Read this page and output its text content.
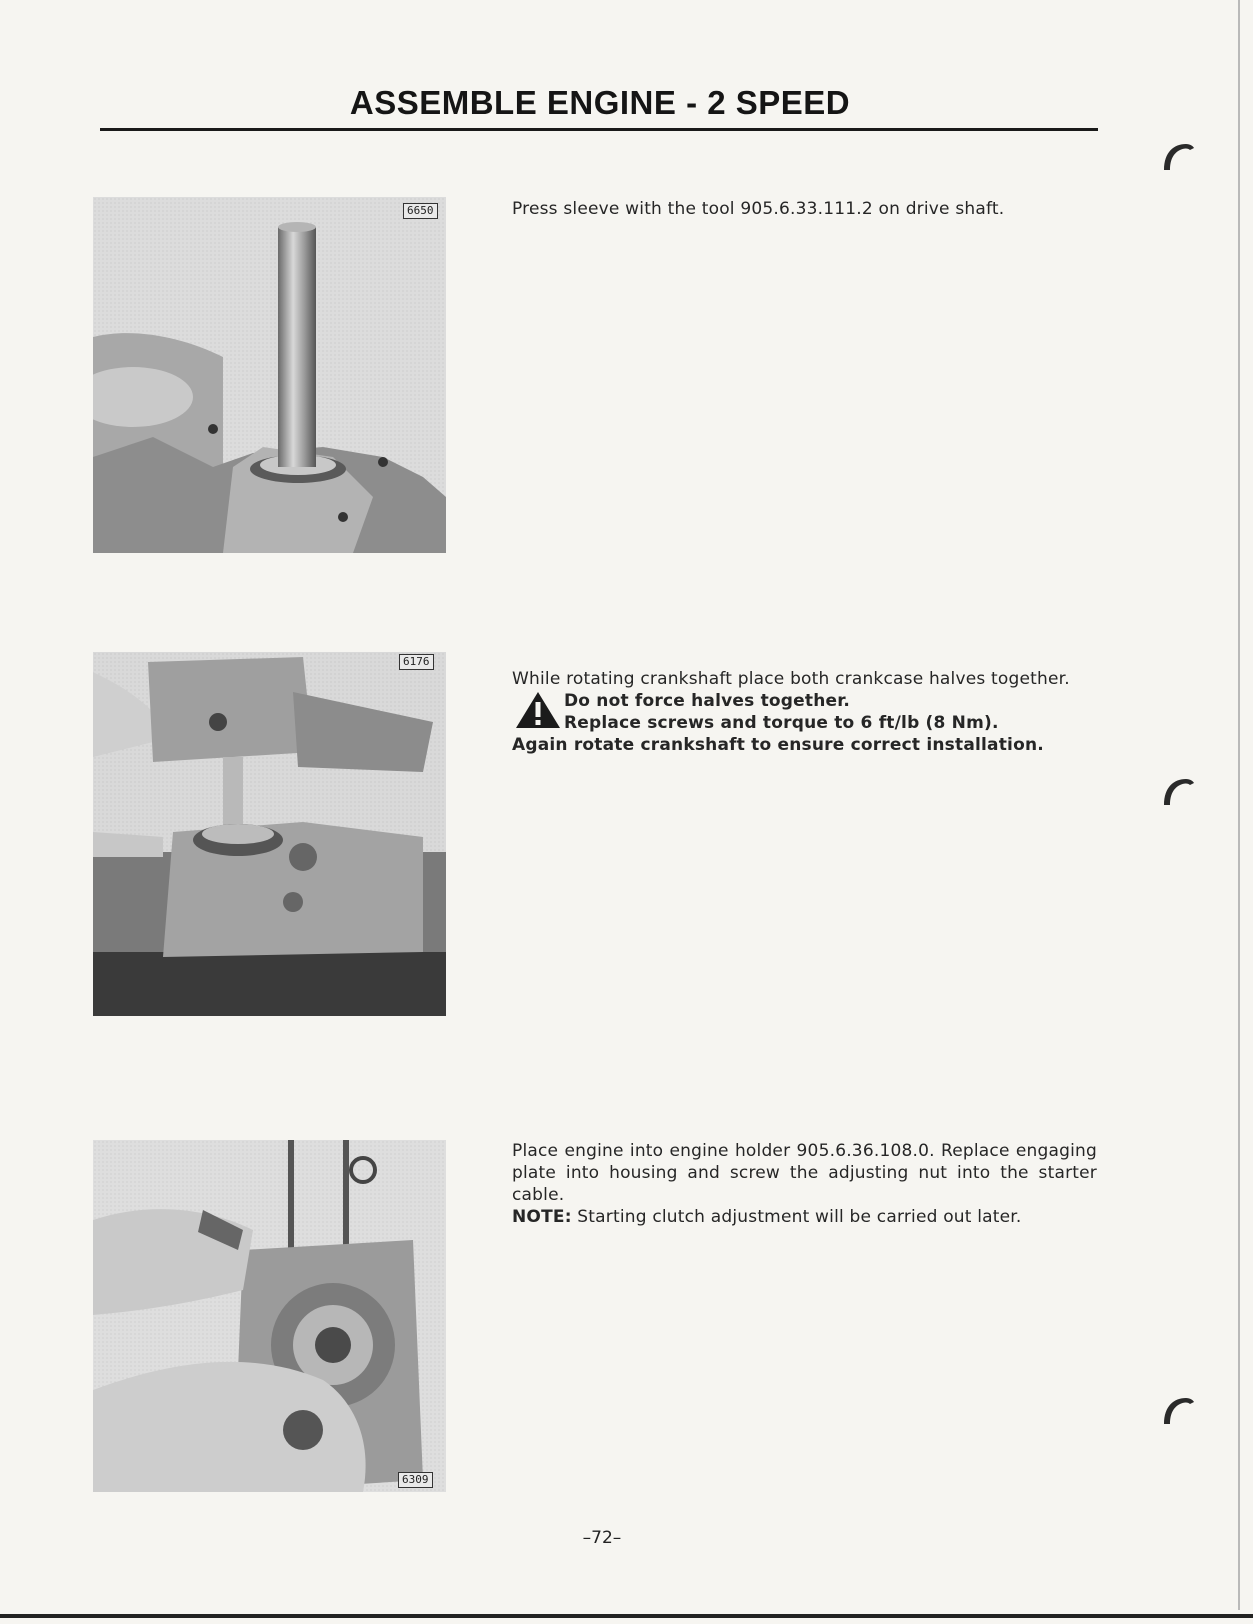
ASSEMBLE ENGINE - 2 SPEED
6650	Press sleeve with the tool 905.6.33.111.2 on drive shaft.
6176
While rotating crankshaft place both crankcase halves together.
Do not force halves together.
Replace screws and torque to 6 ft/lb (8 Nm).
Again rotate crankshaft to ensure correct installation.
6309
Place engine into engine holder 905.6.36.108.0. Replace engaging plate into housing and screw the adjusting nut into the starter cable.
NOTE: Starting clutch adjustment will be carried out later.
–72–
